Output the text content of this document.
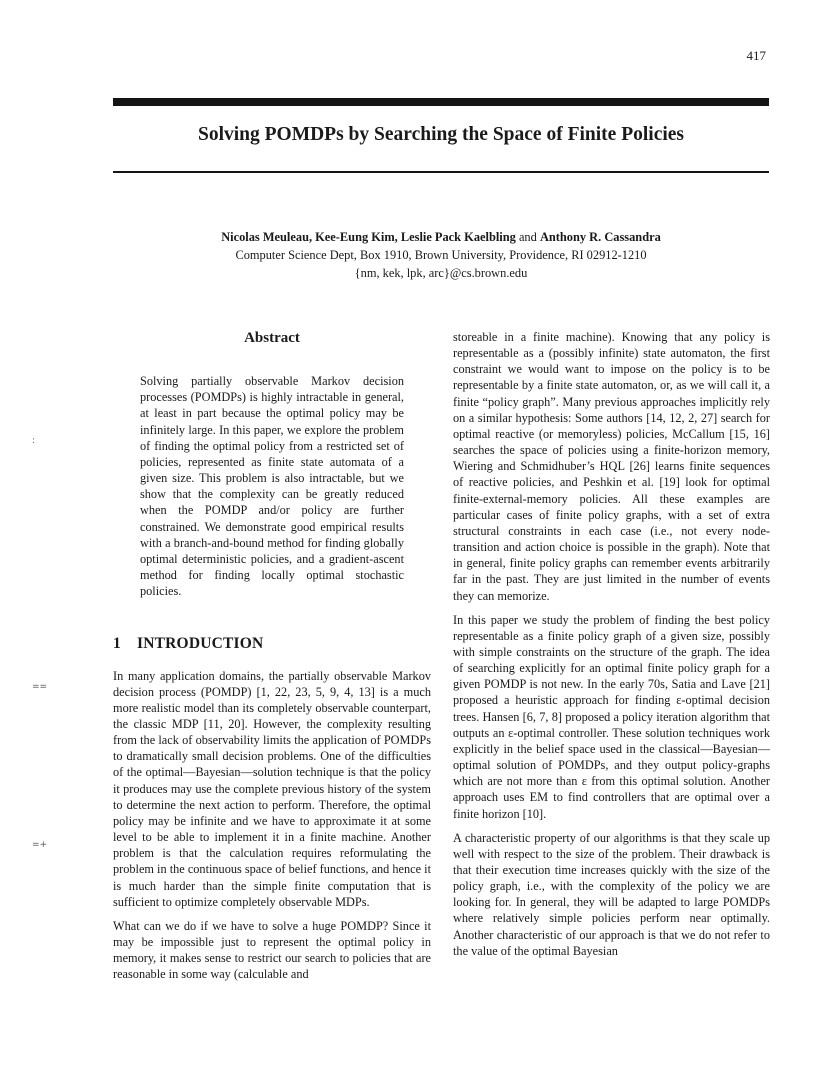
417
Solving POMDPs by Searching the Space of Finite Policies
Nicolas Meuleau, Kee-Eung Kim, Leslie Pack Kaelbling and Anthony R. Cassandra
Computer Science Dept, Box 1910, Brown University, Providence, RI 02912-1210
{nm, kek, lpk, arc}@cs.brown.edu
:
==
=+

Abstract

Solving partially observable Markov decision processes (POMDPs) is highly intractable in general, at least in part because the optimal policy may be infinitely large. In this paper, we explore the problem of finding the optimal policy from a restricted set of policies, represented as finite state automata of a given size. This problem is also intractable, but we show that the complexity can be greatly reduced when the POMDP and/or policy are further constrained. We demonstrate good empirical results with a branch-and-bound method for finding globally optimal deterministic policies, and a gradient-ascent method for finding locally optimal stochastic policies.

1 INTRODUCTION

In many application domains, the partially observable Markov decision process (POMDP) [1, 22, 23, 5, 9, 4, 13] is a much more realistic model than its completely observable counterpart, the classic MDP [11, 20]. However, the complexity resulting from the lack of observability limits the application of POMDPs to dramatically small decision problems. One of the difficulties of the optimal—Bayesian—solution technique is that the policy it produces may use the complete previous history of the system to determine the next action to perform. Therefore, the optimal policy may be infinite and we have to approximate it at some level to be able to implement it in a finite machine. Another problem is that the calculation requires reformulating the problem in the continuous space of belief functions, and hence it is much harder than the simple finite computation that is sufficient to optimize completely observable MDPs.

What can we do if we have to solve a huge POMDP? Since it may be impossible just to represent the optimal policy in memory, it makes sense to restrict our search to policies that are reasonable in some way (calculable and

storeable in a finite machine). Knowing that any policy is representable as a (possibly infinite) state automaton, the first constraint we would want to impose on the policy is to be representable by a finite state automaton, or, as we will call it, a finite “policy graph”. Many previous approaches implicitly rely on a similar hypothesis: Some authors [14, 12, 2, 27] search for optimal reactive (or memoryless) policies, McCallum [15, 16] searches the space of policies using a finite-horizon memory, Wiering and Schmidhuber’s HQL [26] learns finite sequences of reactive policies, and Peshkin et al. [19] look for optimal finite-external-memory policies. All these examples are particular cases of finite policy graphs, with a set of extra structural constraints in each case (i.e., not every node-transition and action choice is possible in the graph). Note that in general, finite policy graphs can remember events arbitrarily far in the past. They are just limited in the number of events they can memorize.

In this paper we study the problem of finding the best policy representable as a finite policy graph of a given size, possibly with simple constraints on the structure of the graph. The idea of searching explicitly for an optimal finite policy graph for a given POMDP is not new. In the early 70s, Satia and Lave [21] proposed a heuristic approach for finding ε-optimal decision trees. Hansen [6, 7, 8] proposed a policy iteration algorithm that outputs an ε-optimal controller. These solution techniques work explicitly in the belief space used in the classical—Bayesian—optimal solution of POMDPs, and they output policy-graphs which are not more than ε from this optimal solution. Another approach uses EM to find controllers that are optimal over a finite horizon [10].

A characteristic property of our algorithms is that they scale up well with respect to the size of the problem. Their drawback is that their execution time increases quickly with the size of the policy graph, i.e., with the complexity of the policy we are looking for. In general, they will be adapted to large POMDPs where relatively simple policies perform near optimally. Another characteristic of our approach is that we do not refer to the value of the optimal Bayesian
